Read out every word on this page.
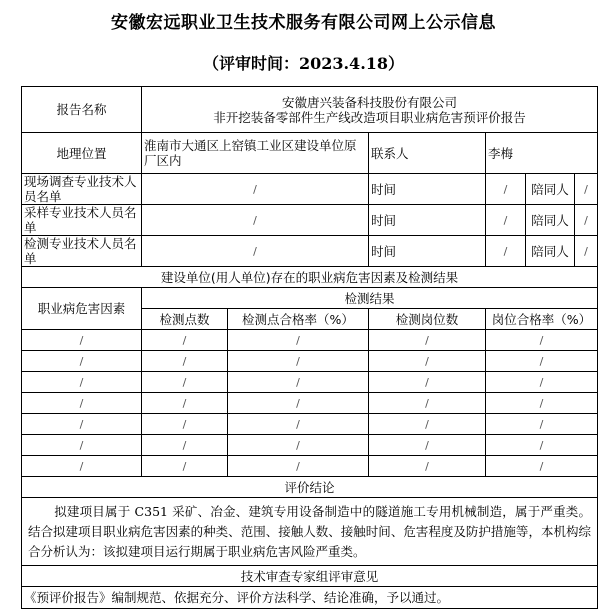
安徽宏远职业卫生技术服务有限公司网上公示信息
（评审时间：2023.4.18）
报告名称	安徽唐兴装备科技股份有限公司
非开挖装备零部件生产线改造项目职业病危害预评价报告					

地理位置	淮南市大通区上窑镇工业区建设单位原厂区内		联系人	李梅		
现场调查专业技术人员名单	/		时间	/	陪同人	/
采样专业技术人员名单	/		时间	/	陪同人	/
检测专业技术人员名单	/		时间	/	陪同人	/
建设单位(用人单位)存在的职业病危害因素及检测结果						
职业病危害因素	检测结果					
	检测点数	检测点合格率（%）	检测岗位数	岗位合格率（%）		
/	/	/	/	/		
/	/	/	/	/		
/	/	/	/	/		
/	/	/	/	/		
/	/	/	/	/		
/	/	/	/	/		
/	/	/	/	/		
评价结论						
拟建项目属于 C351 采矿、冶金、建筑专用设备制造中的隧道施工专用机械制造，属于严重类。结合拟建项目职业病危害因素的种类、范围、接触人数、接触时间、危害程度及防护措施等，本机构综合分析认为：该拟建项目运行期属于职业病危害风险严重类。						
技术审查专家组评审意见						
《预评价报告》编制规范、依据充分、评价方法科学、结论准确，予以通过。						
